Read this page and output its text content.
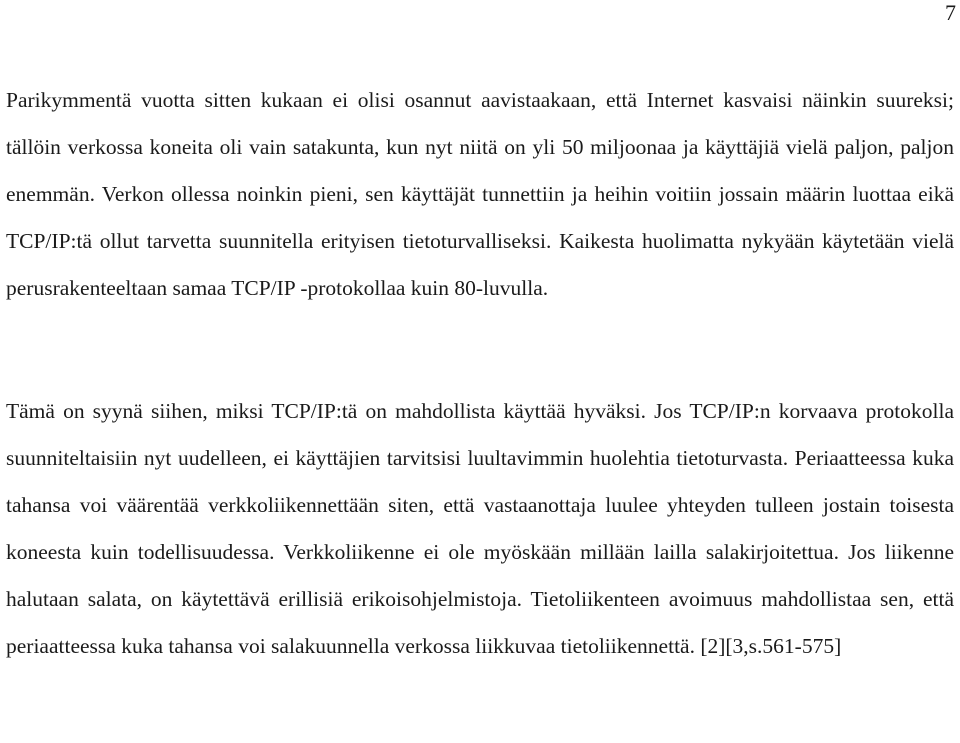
7

Parikymmentä vuotta sitten kukaan ei olisi osannut aavistaakaan, että Internet kasvaisi näinkin suureksi; tällöin verkossa koneita oli vain satakunta, kun nyt niitä on yli 50 miljoonaa ja käyttäjiä vielä paljon, paljon enemmän. Verkon ollessa noinkin pieni, sen käyttäjät tunnettiin ja heihin voitiin jossain määrin luottaa eikä TCP/IP:tä ollut tarvetta suunnitella erityisen tietoturvalliseksi. Kaikesta huolimatta nykyään käytetään vielä perusrakenteeltaan samaa TCP/IP -protokollaa kuin 80-luvulla.

Tämä on syynä siihen, miksi TCP/IP:tä on mahdollista käyttää hyväksi. Jos TCP/IP:n korvaava protokolla suunniteltaisiin nyt uudelleen, ei käyttäjien tarvitsisi luultavimmin huolehtia tietoturvasta. Periaatteessa kuka tahansa voi väärentää verkkoliikennettään siten, että vastaanottaja luulee yhteyden tulleen jostain toisesta koneesta kuin todellisuudessa. Verkkoliikenne ei ole myöskään millään lailla salakirjoitettua. Jos liikenne halutaan salata, on käytettävä erillisiä erikoisohjelmistoja. Tietoliikenteen avoimuus mahdollistaa sen, että periaatteessa kuka tahansa voi salakuunnella verkossa liikkuvaa tietoliikennettä. [2][3,s.561-575]
